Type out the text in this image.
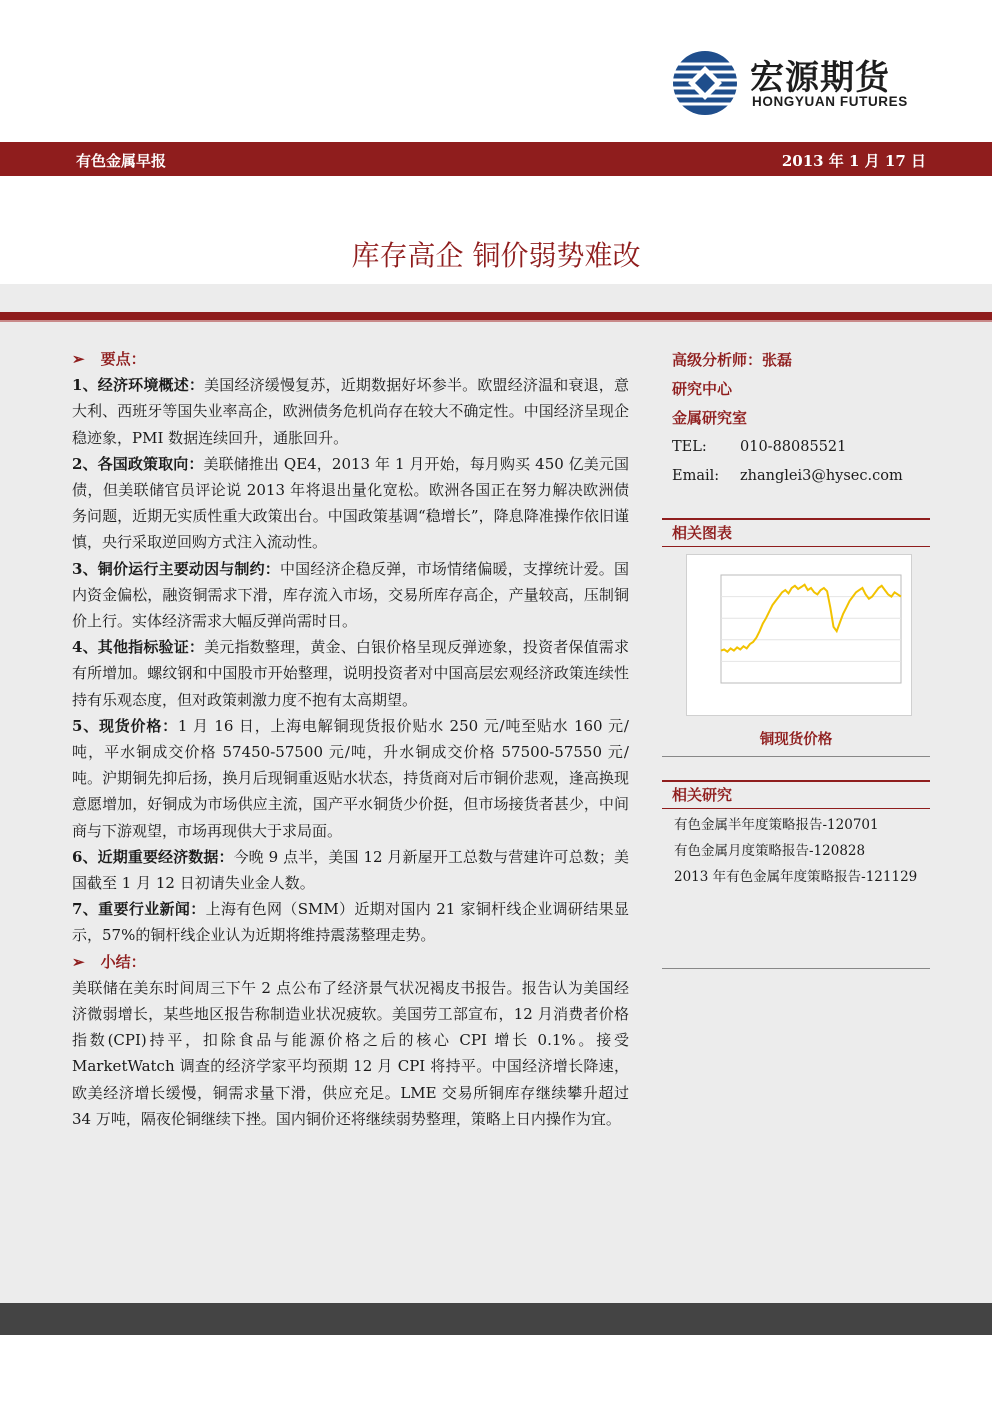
宏源期货
HONGYUAN FUTURES
有色金属早报	2013 年 1 月 17 日
库存高企 铜价弱势难改

➢ 要点：

1、经济环境概述：美国经济缓慢复苏，近期数据好坏参半。欧盟经济温和衰退，意大利、西班牙等国失业率高企，欧洲债务危机尚存在较大不确定性。中国经济呈现企稳迹象，PMI 数据连续回升，通胀回升。

2、各国政策取向：美联储推出 QE4，2013 年 1 月开始，每月购买 450 亿美元国债，但美联储官员评论说 2013 年将退出量化宽松。欧洲各国正在努力解决欧洲债务问题，近期无实质性重大政策出台。中国政策基调“稳增长”，降息降准操作依旧谨慎，央行采取逆回购方式注入流动性。

3、铜价运行主要动因与制约：中国经济企稳反弹，市场情绪偏暖，支撑统计爱。国内资金偏松，融资铜需求下滑，库存流入市场，交易所库存高企，产量较高，压制铜价上行。实体经济需求大幅反弹尚需时日。

4、其他指标验证：美元指数整理，黄金、白银价格呈现反弹迹象，投资者保值需求有所增加。螺纹钢和中国股市开始整理，说明投资者对中国高层宏观经济政策连续性持有乐观态度，但对政策刺激力度不抱有太高期望。

5、现货价格：1 月 16 日，上海电解铜现货报价贴水 250 元/吨至贴水 160 元/吨，平水铜成交价格 57450-57500 元/吨，升水铜成交价格 57500-57550 元/吨。沪期铜先抑后扬，换月后现铜重返贴水状态，持货商对后市铜价悲观，逢高换现意愿增加，好铜成为市场供应主流，国产平水铜货少价挺，但市场接货者甚少，中间商与下游观望，市场再现供大于求局面。

6、近期重要经济数据：今晚 9 点半，美国 12 月新屋开工总数与营建许可总数；美国截至 1 月 12 日初请失业金人数。

7、重要行业新闻：上海有色网（SMM）近期对国内 21 家铜杆线企业调研结果显示，57%的铜杆线企业认为近期将维持震荡整理走势。

➢ 小结：

美联储在美东时间周三下午 2 点公布了经济景气状况褐皮书报告。报告认为美国经济微弱增长，某些地区报告称制造业状况疲软。美国劳工部宣布，12 月消费者价格指数(CPI)持平，扣除食品与能源价格之后的核心 CPI 增长 0.1%。接受 MarketWatch 调查的经济学家平均预期 12 月 CPI 将持平。中国经济增长降速，欧美经济增长缓慢，铜需求量下滑，供应充足。LME 交易所铜库存继续攀升超过 34 万吨，隔夜伦铜继续下挫。国内铜价还将继续弱势整理，策略上日内操作为宜。

高级分析师：张磊
研究中心
金属研究室
TEL: 010-88085521
Email: zhanglei3@hysec.com
相关图表
铜现货价格
相关研究
有色金属半年度策略报告-120701
有色金属月度策略报告-120828
2013 年有色金属年度策略报告-121129
